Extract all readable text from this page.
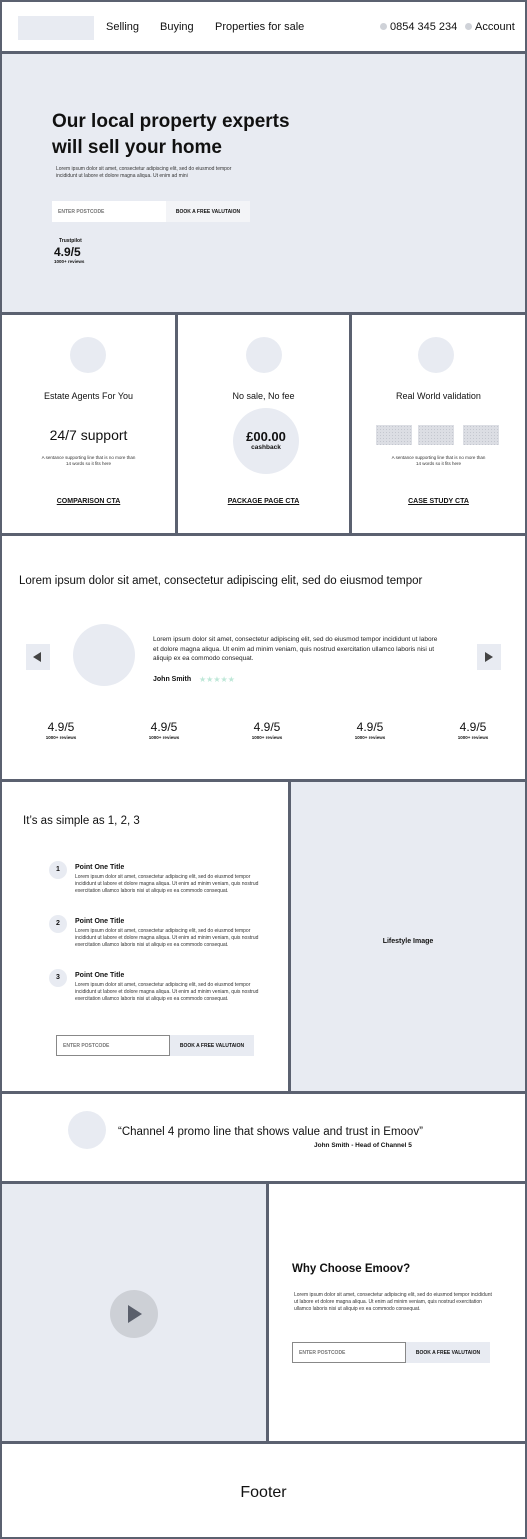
Selling Buying Properties for sale	0854 345 234	Account
Our local property experts will sell your home
Lorem ipsum dolor sit amet, consectetur adipiscing elit, sed do eiusmod tempor incididunt ut labore et dolore magna aliqua. Ut enim ad mini
ENTER POSTCODE
BOOK A FREE VALUTAION
Trustpilot
4.9/5
1000+ reviews
Estate Agents For You
24/7 support
A sentance supporting line that is no more than 14 words so it fits here
COMPARISON CTA
No sale, No fee
£00.00
cashback
PACKAGE PAGE CTA
Real World validation
A sentance supporting line that is no more than 14 words so it fits here
CASE STUDY CTA
Lorem ipsum dolor sit amet, consectetur adipiscing elit, sed do eiusmod tempor
Lorem ipsum dolor sit amet, consectetur adipiscing elit, sed do eiusmod tempor incididunt ut labore et dolore magna aliqua. Ut enim ad minim veniam, quis nostrud exercitation ullamco laboris nisi ut aliquip ex ea commodo consequat.
John Smith ★★★★★
4.9/5
1000+ reviews
4.9/5
1000+ reviews
4.9/5
1000+ reviews
4.9/5
1000+ reviews
4.9/5
1000+ reviews
It’s as simple as 1, 2, 3
1	Point One Title
Lorem ipsum dolor sit amet, consectetur adipiscing elit, sed do eiusmod tempor incididunt ut labore et dolore magna aliqua. Ut enim ad minim veniam, quis nostrud exercitation ullamco laboris nisi ut aliquip ex ea commodo consequat.
2	Point One Title
Lorem ipsum dolor sit amet, consectetur adipiscing elit, sed do eiusmod tempor incididunt ut labore et dolore magna aliqua. Ut enim ad minim veniam, quis nostrud exercitation ullamco laboris nisi ut aliquip ex ea commodo consequat.
3	Point One Title
Lorem ipsum dolor sit amet, consectetur adipiscing elit, sed do eiusmod tempor incididunt ut labore et dolore magna aliqua. Ut enim ad minim veniam, quis nostrud exercitation ullamco laboris nisi ut aliquip ex ea commodo consequat.
ENTER POSTCODE
BOOK A FREE VALUTAION
Lifestyle Image
“Channel 4 promo line that shows value and trust in Emoov”
John Smith - Head of Channel 5
Why Choose Emoov?
Lorem ipsum dolor sit amet, consectetur adipiscing elit, sed do eiusmod tempor incididunt ut labore et dolore magna aliqua. Ut enim ad minim veniam, quis nostrud exercitation ullamco laboris nisi ut aliquip ex ea commodo consequat.
ENTER POSTCODE
BOOK A FREE VALUTAION
Footer
